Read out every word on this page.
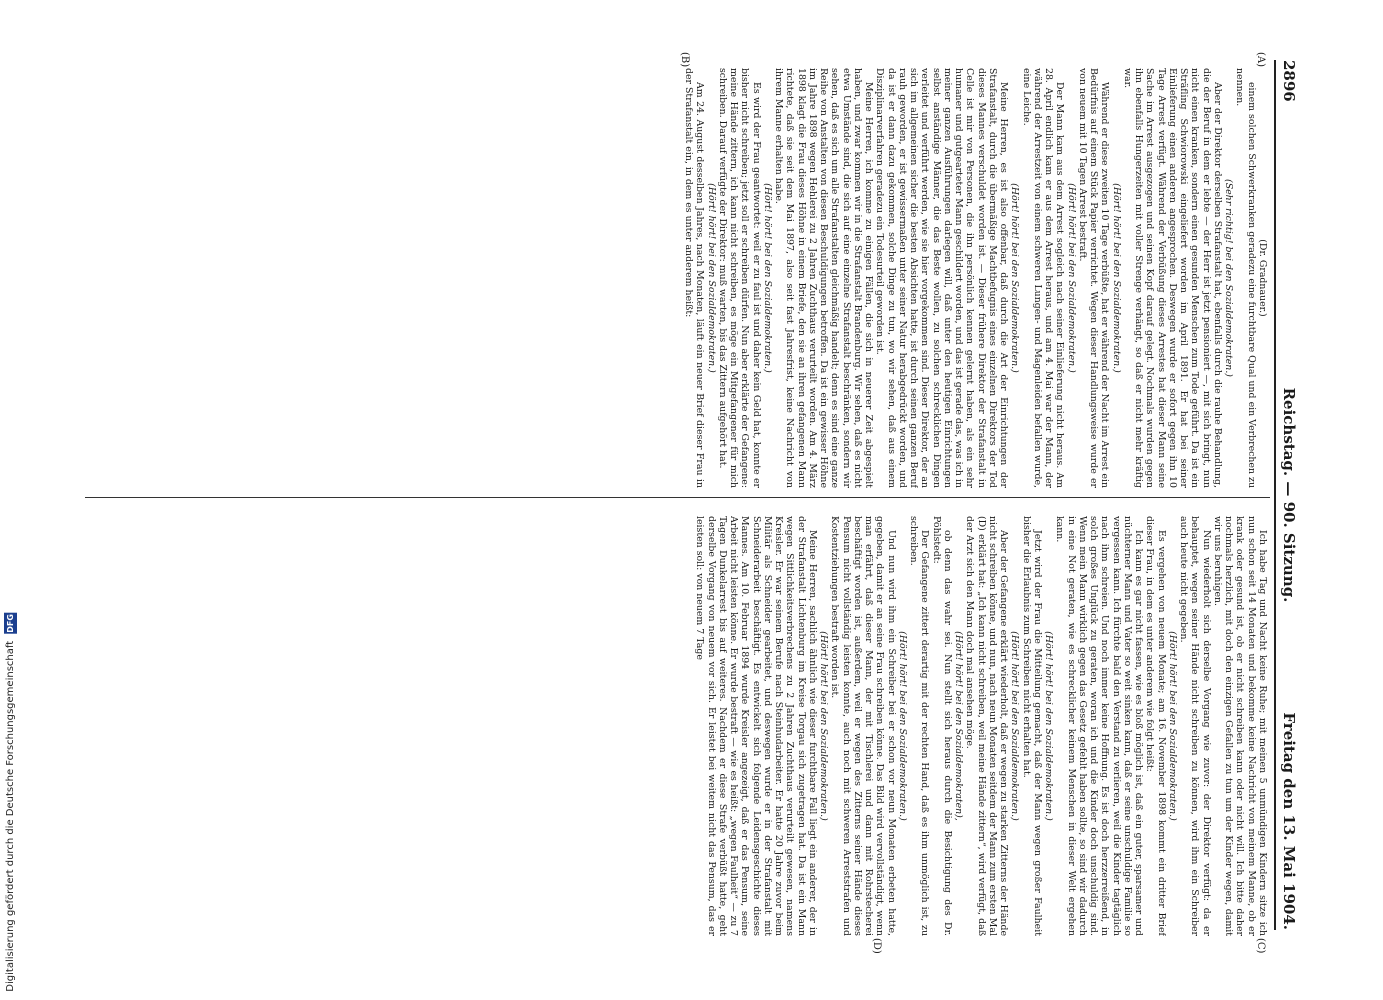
2896
Reichstag. — 90. Sitzung.
Freitag den 13. Mai 1904.
(A)
(B)
(C)
(D)

(Dr. Gradnauer.)

einem solchen Schwerkranken geradezu eine furchtbare Qual und ein Verbrechen zu nennen.

(Sehr richtig! bei den Sozialdemokraten.)

Aber der Direktor derselben Strafanstalt hat, ebenfalls durch die rauhe Behandlung, die der Beruf in dem er lebte — der Herr ist jetzt pensioniert —, mit sich bringt, nun nicht einen kranken, sondern einen gesunden Menschen zum Tode geführt. Da ist ein Sträfling Schwiorowski eingeliefert worden im April 1891. Er hat bei seiner Einlieferung einen anderen angesprochen. Deswegen wurde er sofort gegen ihn 10 Tage Arrest verfügt. Während der Verbüßung dieses Arrestes hat dieser Mann seine Sache im Arrest ausgezogen und seinen Kopf darauf gelegt. Nochmals wurden gegen ihn ebenfalls Hungerzeiten mit voller Strenge verhängt, so daß er nicht mehr kräftig war.

(Hört! hört! bei den Sozialdemokraten.)

Während er diese zweiten 10 Tage verbüßte, hat er während der Nacht im Arrest ein Bedürfnis auf einem Stück Papier verrichtet. Wegen dieser Handlungsweise wurde er von neuem mit 10 Tagen Arrest bestraft.

(Hört! hört! bei den Sozialdemokraten.)

Der Mann kam aus dem Arrest sogleich nach seiner Einlieferung nicht heraus. Am 28. April endlich kam er aus dem Arrest heraus, und am 4. Mai war der Mann, der während der Arrestzeit von einem schweren Lungen- und Magenleiden befallen wurde, eine Leiche.

(Hört! hört! bei den Sozialdemokraten.)

Meine Herren, es ist also offenbar, daß durch die Art der Einrichtungen der Strafanstalt, durch die übermäßige Machtbefugnis eines einzelnen Direktors der Tod dieses Mannes verschuldet worden ist. — Dieser frühere Direktor der Strafanstalt in Celle ist mir von Personen, die ihn persönlich kennen gelernt haben, als ein sehr humaner und gutgearteter Mann geschildert worden, und das ist gerade das, was ich in meiner ganzen Ausführungen darlegen will, daß unter den heutigen Einrichtungen selbst anständige Männer, die das Beste wollen, zu solchen schrecklichen Dingen verleitet und verführt werden, wie sie hier vorgekommen sind. Dieser Direktor, der an sich im allgemeinen sicher die besten Absichten hatte, ist durch seinen ganzen Beruf rauh geworden, er ist gewissermaßen unter seiner Natur herabgedrückt worden, und da ist er dann dazu gekommen, solche Dinge zu tun, wo wir sehen, daß aus einem Disziplinarverfahren geradezu ein Todesurteil geworden ist.

Meine Herren, ich komme zu einigen Fällen, die sich in neuerer Zeit abgespielt haben, und zwar kommen wir in die Strafanstalt Brandenburg. Wir sehen, daß es nicht etwa Umstände sind, die sich auf eine einzelne Strafanstalt beschränken, sondern wir sehen, daß es sich um alle Strafanstalten gleichmäßig handelt; denn es sind eine ganze Reihe von Anstalten von diesen Beschuldigungen betroffen. Da ist ein gewisser Höhne im Jahre 1898 wegen Hehlerei zu 2 Jahren Zuchthaus verurteilt worden. Am 4. März 1898 klagt die Frau dieses Höhne in einem Briefe, den sie an ihren gefangenen Mann richtete, daß sie seit dem Mai 1897, also seit fast Jahresfrist, keine Nachricht von ihrem Manne erhalten habe.

(Hört! hört! bei den Sozialdemokraten.)

Es wird der Frau geantwortet: weil er zu faul ist und daher kein Geld hat, konnte er bisher nicht schreiben; jetzt soll er schreiben dürfen. Nun aber erklärte der Gefangene: meine Hände zittern, ich kann nicht schreiben, es möge ein Mitgefangener für mich schreiben. Darauf verfügte der Direktor: muß warten, bis das Zittern aufgehört hat.

(Hört! hört! bei den Sozialdemokraten.)

Am 24. August desselben Jahres, nach Monaten, läuft ein neuer Brief dieser Frau in der Strafanstalt ein, in dem es unter anderem heißt:

Ich habe Tag und Nacht keine Ruhe; mit meinen 5 unmündigen Kindern sitze ich nun schon seit 14 Monaten und bekomme keine Nachricht von meinem Manne, ob er krank oder gesund ist, ob er nicht schreiben kann oder nicht will. Ich bitte daher nochmals herzlich, mit doch den einzigen Gefallen zu tun um der Kinder wegen, damit wir uns beruhigen.

Nun wiederholt sich derselbe Vorgang wie zuvor: der Direktor verfügt: da er behauptet, wegen seiner Hände nicht schreiben zu können, wird ihm ein Schreiber auch heute nicht gegeben.

(Hört! hört! bei den Sozialdemokraten.)

Es vergehen von neuem Monate; am 16. November 1898 kommt ein dritter Brief dieser Frau, in dem es unter anderem wie folgt heißt:

Ich kann es gar nicht fassen, wie es bloß möglich ist, daß ein guter, sparsamer und nüchterner Mann und Vater so weit sinken kann, daß er seine unschuldige Familie so vergessen kann. Ich fürchte bald den Verstand zu verlieren, weil die Kinder tagtäglich nach ihm schreien. Und noch immer keine Hoffnung. Es ist doch herzzerreißend, in solch großes Unglück zu geraten, woran ich und die Kinder doch unschuldig sind. Wenn mein Mann wirklich gegen das Gesetz gefehlt haben sollte, so sind wir dadurch in eine Not geraten, wie es schrecklicher keinem Menschen in dieser Welt ergehen kann.

(Hört! hört! bei den Sozialdemokraten.)

Jetzt wird der Frau die Mitteilung gemacht, daß der Mann wegen großer Faulheit bisher die Erlaubnis zum Schreiben nicht erhalten hat.

(Hört! hört! bei den Sozialdemokraten.)

Aber der Gefangene erklärt wiederholt, daß er wegen zu starken Zitterns der Hände nicht schreiben könne, und nun, nach neun Monaten seitdem der Mann zum ersten Mal (D) erklärt hat: „Ich kann nicht schreiben, weil meine Hände zittern“, wird verfügt, daß der Arzt sich den Mann doch mal ansehen möge.

(Hört! hört! bei den Sozialdemokraten),

ob denn das wahr sei. Nun stellt sich heraus durch die Besichtigung des Dr. Pöhlstedt:

Der Gefangene zittert derartig mit der rechten Hand, daß es ihm unmöglich ist, zu schreiben.

(Hört! hört! bei den Sozialdemokraten.)

Und nun wird ihm ein Schreiber bei er schon vor neun Monaten erbeten hatte, gegeben, damit er an seine Frau schreiben könne. Das Bild wird vervollständigt, wenn man erfährt, daß dieser Mann, der mit Tischlerei und dann mit Rohrstecherei beschäftigt worden ist, außerdem, weil er wegen des Zitterns seiner Hände dieses Pensum nicht vollständig leisten konnte, auch noch mit schweren Arreststrafen und Kostentziehungen bestraft worden ist.

(Hört! hört! bei den Sozialdemokraten.)

Meine Herren, sachlich ähnlich wie dieser furchtbare Fall liegt ein anderer, der in der Strafanstalt Lichtenburg im Kreise Torgau sich zugetragen hat. Da ist ein Mann wegen Sittlichkeitsverbrechens zu 2 Jahren Zuchthaus verurteilt gewesen, namens Kreisler. Er war seinem Berufe nach Steinhudarbeiter. Er hatte 20 Jahre zuvor beim Militär als Schneider gearbeitet, und deswegen wurde er in der Strafanstalt mit Schneiderarbeit beschäftigt. Es entwickelt sich folgende Leidensgeschichte dieses Mannes. Am 10. Februar 1894 wurde Kreisler angezeigt, daß er das Pensum, seine Arbeit nicht leisten könne. Er wurde bestraft — wie es heißt: „wegen Faulheit“ — zu 7 Tagen Dunkelarrest bis auf weiteres. Nachdem er diese Strafe verbüßt hatte, geht derselbe Vorgang von neuem vor sich. Er leistet bei weitem nicht das Pensum, das er leisten soll: von neuem 7 Tage

Digitalisierung gefördert durch die Deutsche Forschungsgemeinschaft DFG
